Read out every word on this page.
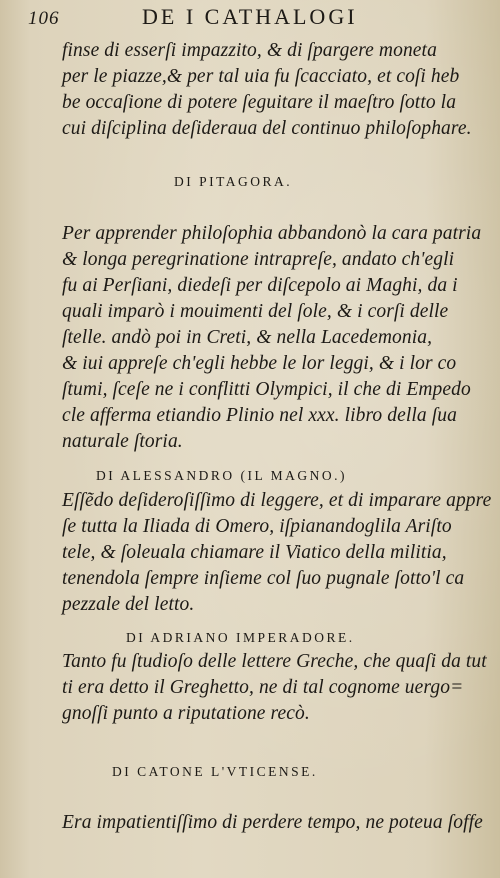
106	DE I CATHALOGI
finse di esserſi impazzito, & di ſpargere moneta
per le piazze,& per tal uia fu ſcacciato, et coſi heb
be occaſione di potere ſeguitare il maeſtro ſotto la
cui diſciplina deſideraua del continuo philoſophare.
DI PITAGORA.
Per apprender philoſophia abbandonò la cara patria
& longa peregrinatione intrapreſe, andato ch'egli
fu ai Perſiani, diedeſi per diſcepolo ai Maghi, da i
quali imparò i mouimenti del ſole, & i corſi delle
ſtelle. andò poi in Creti, & nella Lacedemonia,
& iui appreſe ch'egli hebbe le lor leggi, & i lor co
ſtumi, ſceſe ne i conflitti Olympici, il che di Empedo
cle afferma etiandio Plinio nel xxx. libro della ſua
naturale ſtoria.
DI ALESSANDRO (IL MAGNO.)
Eſſẽdo deſideroſiſſimo di leggere, et di imparare appre
ſe tutta la Iliada di Omero, iſpianandoglila Ariſto
tele, & ſoleuala chiamare il Viatico della militia,
tenendola ſempre inſieme col ſuo pugnale ſotto'l ca
pezzale del letto.
DI ADRIANO IMPERADORE.
Tanto fu ſtudioſo delle lettere Greche, che quaſi da tut
ti era detto il Greghetto, ne di tal cognome uergo=
gnoſſi punto a riputatione recò.
DI CATONE L'VTICENSE.
Era impatientiſſimo di perdere tempo, ne poteua ſoffe
